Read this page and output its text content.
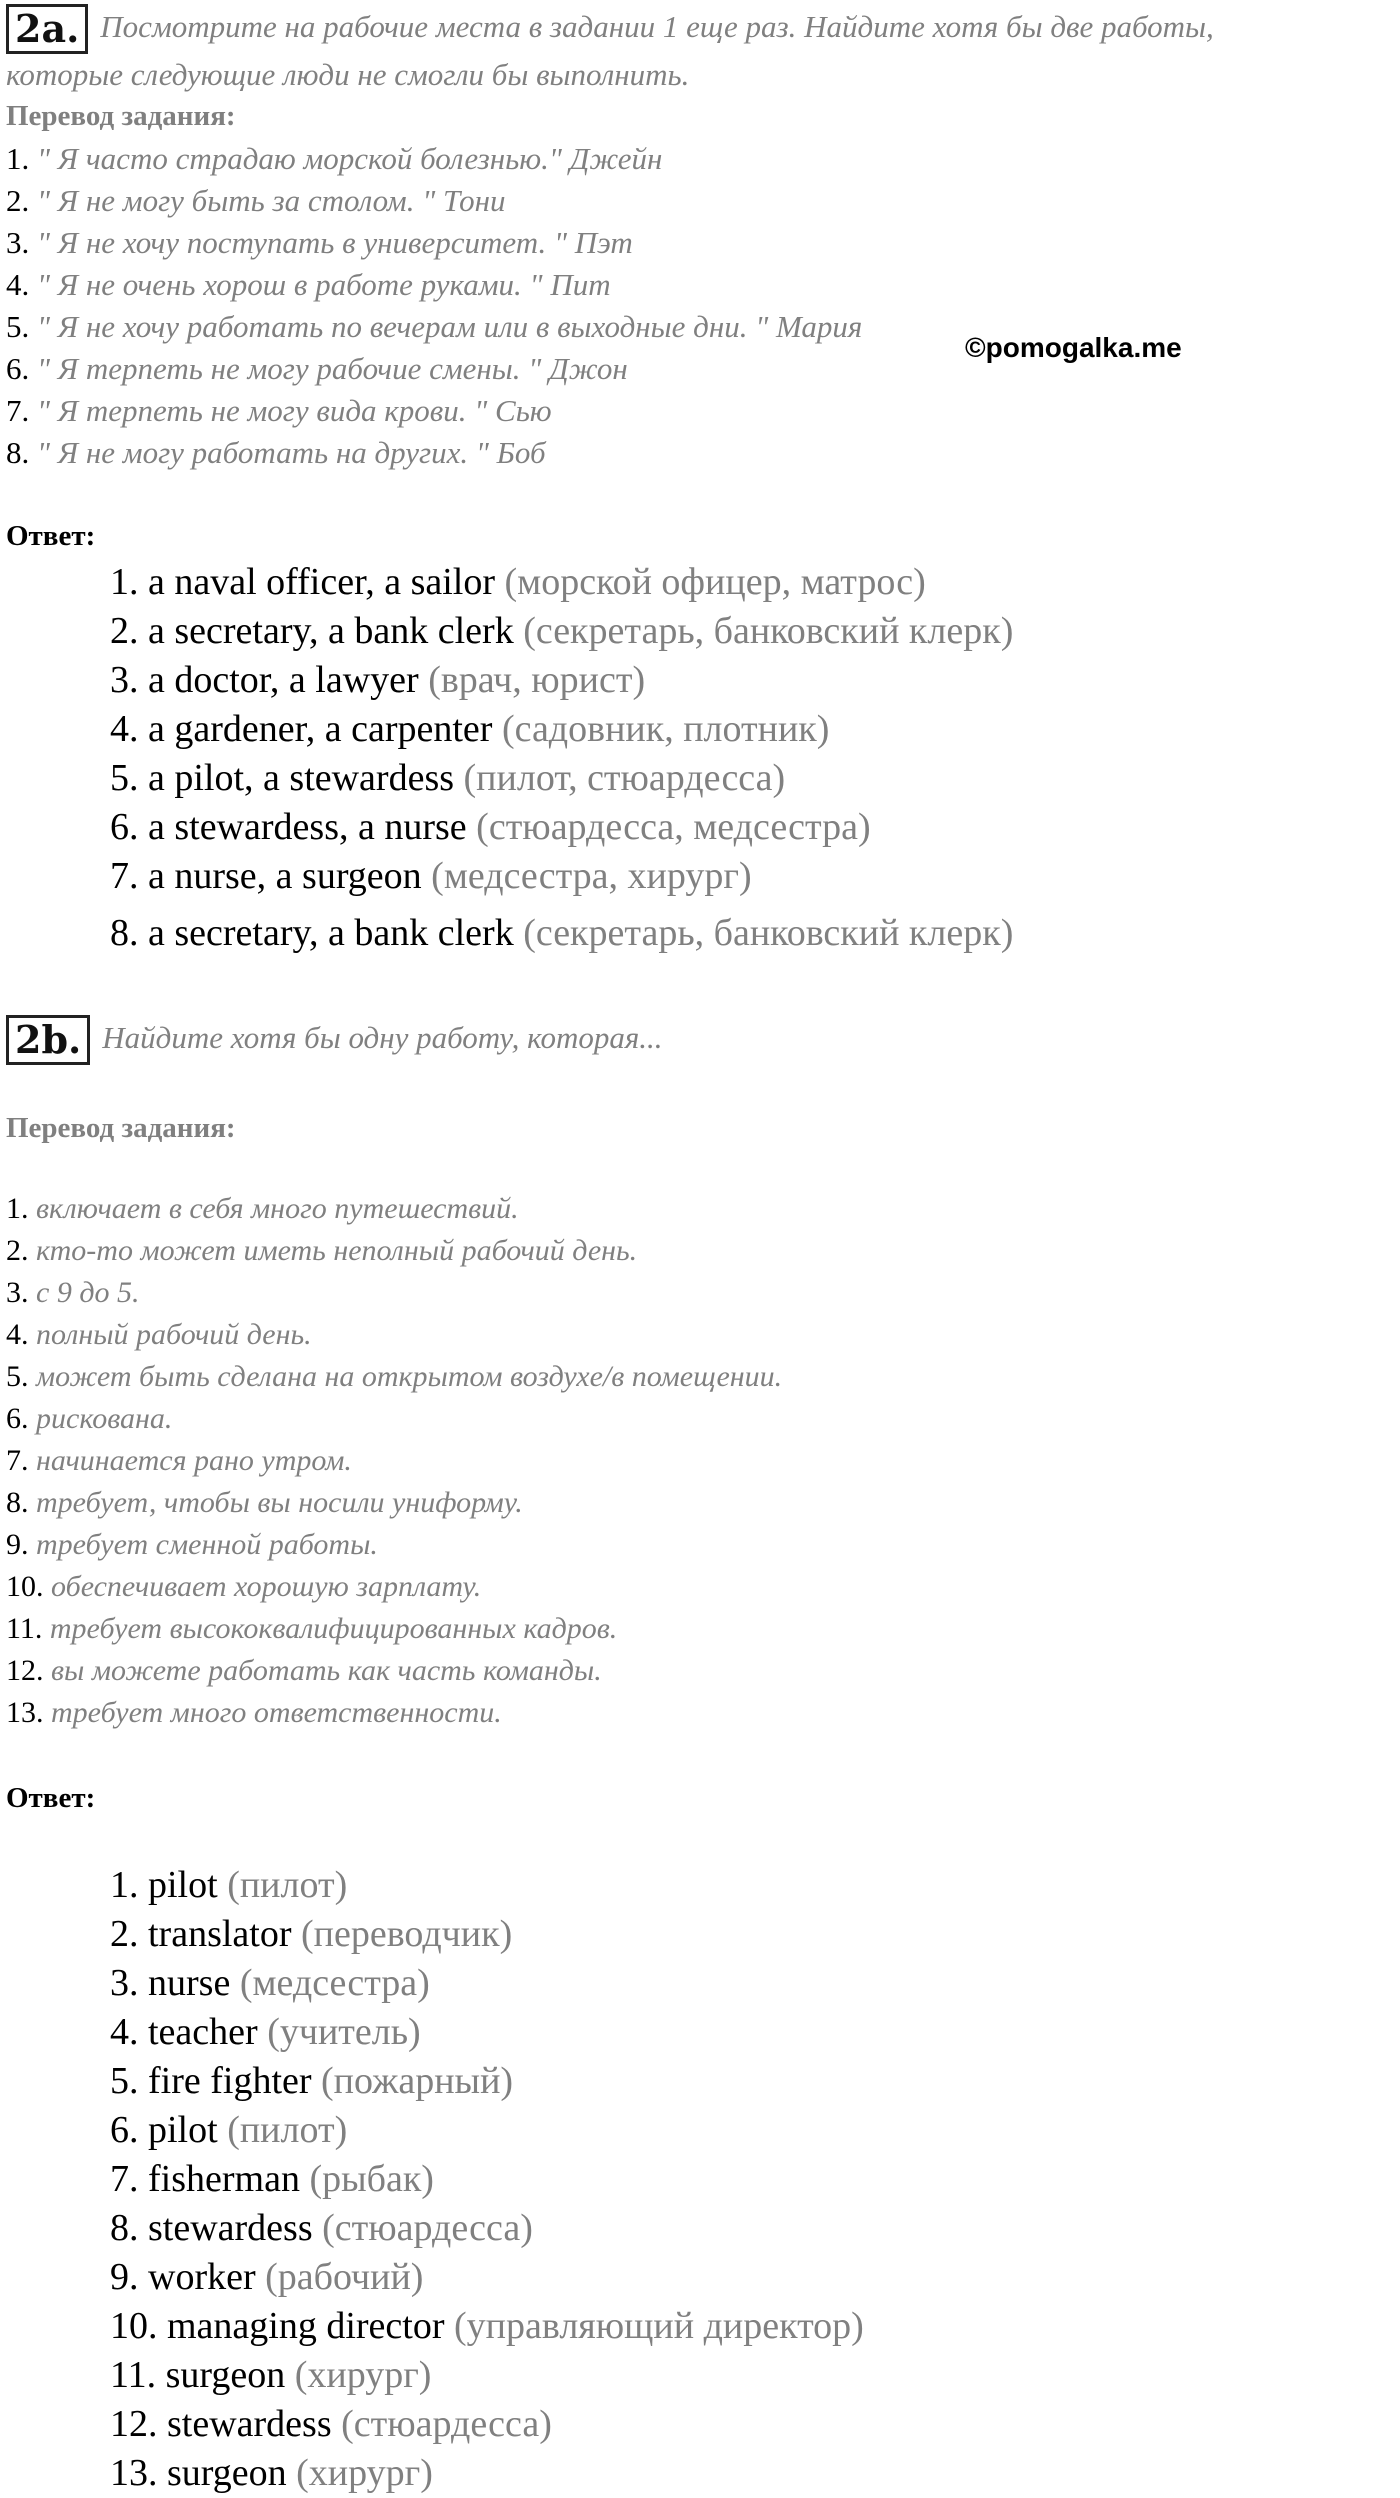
2a. Посмотрите на рабочие места в задании 1 еще раз. Найдите хотя бы две работы,
которые следующие люди не смогли бы выполнить.
Перевод задания:
1. " Я часто страдаю морской болезнью." Джейн
2. " Я не могу быть за столом. " Тони
3. " Я не хочу поступать в университет. " Пэт
4. " Я не очень хорош в работе руками. " Пит
5. " Я не хочу работать по вечерам или в выходные дни. " Мария
6. " Я терпеть не могу рабочие смены. " Джон
7. " Я терпеть не могу вида крови. " Сью
8. " Я не могу работать на других. " Боб
©pomogalka.me
Ответ:
1. a naval officer, a sailor (морской офицер, матрос)
2. a secretary, a bank clerk (секретарь, банковский клерк)
3. a doctor, a lawyer (врач, юрист)
4. a gardener, a carpenter (садовник, плотник)
5. a pilot, a stewardess (пилот, стюардесса)
6. a stewardess, a nurse (стюардесса, медсестра)
7. a nurse, a surgeon (медсестра, хирург)
8. a secretary, a bank clerk (секретарь, банковский клерк)
2b. Найдите хотя бы одну работу, которая...
Перевод задания:
1. включает в себя много путешествий.
2. кто-то может иметь неполный рабочий день.
3. с 9 до 5.
4. полный рабочий день.
5. может быть сделана на открытом воздухе/в помещении.
6. рискована.
7. начинается рано утром.
8. требует, чтобы вы носили униформу.
9. требует сменной работы.
10. обеспечивает хорошую зарплату.
11. требует высококвалифицированных кадров.
12. вы можете работать как часть команды.
13. требует много ответственности.
Ответ:
1. pilot (пилот)
2. translator (переводчик)
3. nurse (медсестра)
4. teacher (учитель)
5. fire fighter (пожарный)
6. pilot (пилот)
7. fisherman (рыбак)
8. stewardess (стюардесса)
9. worker (рабочий)
10. managing director (управляющий директор)
11. surgeon (хирург)
12. stewardess (стюардесса)
13. surgeon (хирург)
